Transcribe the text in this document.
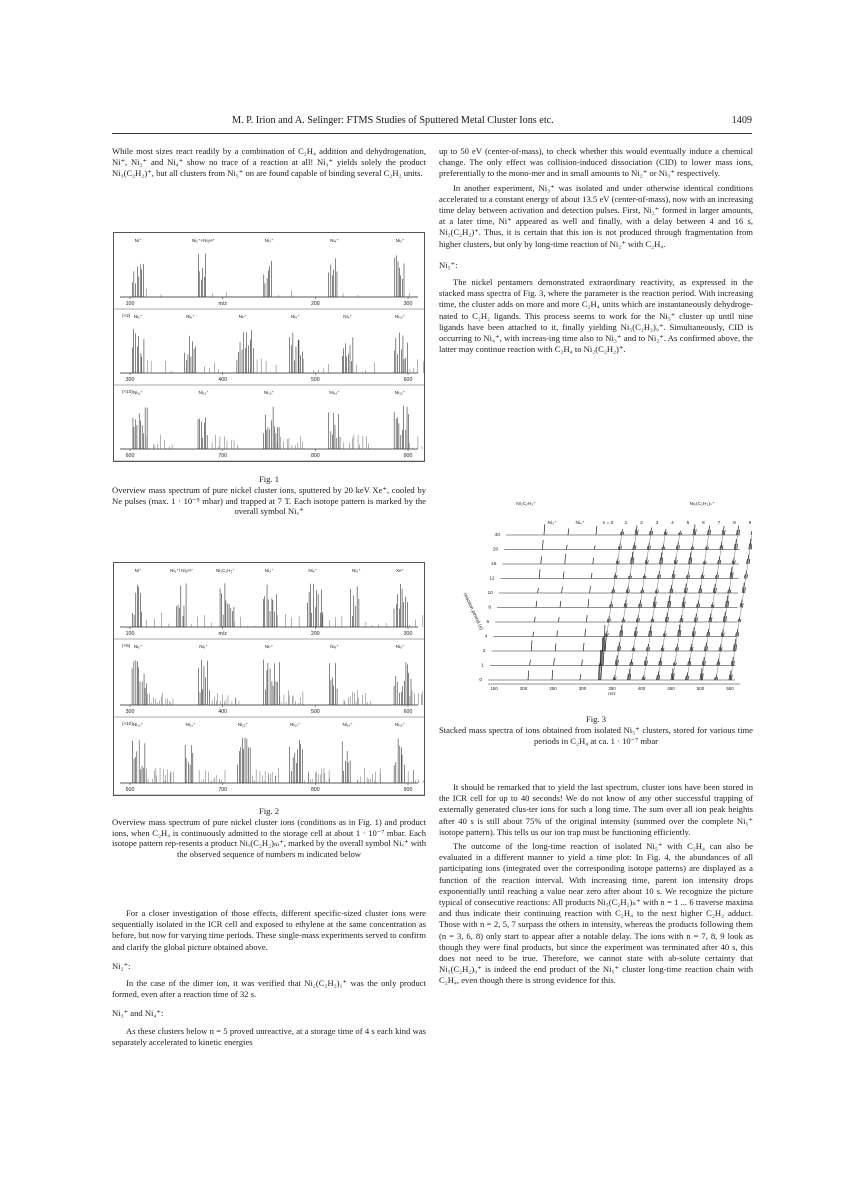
M. P. Irion and A. Selinger: FTMS Studies of Sputtered Metal Cluster Ions etc.	1409

While most sizes react readily by a combination of C₂H₄ addition and dehydrogenation, Ni⁺, Ni₂⁺ and Ni₄⁺ show no trace of a reaction at all! Ni₃⁺ yields solely the product Ni₃(C₂H₂)⁺, but all clusters from Ni₅⁺ on are found capable of binding several C₂H₂ units.

100	m/z	200	300
Ni⁺	Ni₂⁺+Ni₂H⁺	Ni₃⁺	Ni₄⁺	Ni₅⁺
300	400	500	600
(×2) Ni₅⁺	Ni₆⁺	Ni₇⁺	Ni₈⁺	Ni₉⁺	Ni₁₀⁺
600	700	800	900
(×10) Ni₁₁⁺	Ni₁₂⁺	Ni₁₃⁺	Ni₁₄⁺	Ni₁₅⁺
Fig. 1
Overview mass spectrum of pure nickel cluster ions, sputtered by 20 keV Xe⁺, cooled by Ne pulses (max. 1 · 10⁻⁵ mbar) and trapped at 7 T. Each isotope pattern is marked by the overall symbol Niₓ⁺
100	m/z	200	300
Ni⁺	Ni₂⁺/ Ni₂H⁺	Ni₂C₂H₂⁺	Ni₃⁺	Ni₄⁺	Ni₅⁺	Xe⁺
300	400	500	600
(×5) Ni₅⁺	Ni₆⁺	Ni₇⁺	Ni₈⁺	Ni₉⁺
600	700	800	900
(×10) Ni₁₀⁺	Ni₁₁⁺	Ni₁₂⁺	Ni₁₃⁺	Ni₁₄⁺	Ni₁₅⁺
Fig. 2
Overview mass spectrum of pure nickel cluster ions (conditions as in Fig. 1) and product ions, when C₂H₄ is continuously admitted to the storage cell at about 1 · 10⁻⁷ mbar. Each isotope pattern rep-resents a product Niₓ(C₂H₂)ₘ⁺, marked by the overall symbol Niₓ⁺ with the observed sequence of numbers m indicated below

For a closer investigation of those effects, different specific-sized cluster ions were sequentially isolated in the ICR cell and exposed to ethylene at the same concentration as before, but now for varying time periods. These single-mass experiments served to confirm and clarify the global picture obtained above.

Ni₂⁺:

In the case of the dimer ion, it was verified that Ni₂(C₂H₂)₁⁺ was the only product formed, even after a reaction time of 32 s.

Ni₃⁺ and Ni₄⁺:

As these clusters below n = 5 proved unreactive, at a storage time of 4 s each kind was separately accelerated to kinetic energies

up to 50 eV (center-of-mass), to check whether this would eventually induce a chemical change. The only effect was collision-induced dissociation (CID) to lower mass ions, preferentially to the mono-mer and in small amounts to Ni₂⁺ or Ni₃⁺ respectively.

In another experiment, Ni₃⁺ was isolated and under otherwise identical conditions accelerated to a constant energy of about 13.5 eV (center-of-mass), now with an increasing time delay between activation and detection pulses. First, Ni₂⁺ formed in larger amounts, at a later time, Ni⁺ appeared as well and finally, with a delay between 4 and 16 s, Ni₂(C₂H₂)⁺. Thus, it is certain that this ion is not produced through fragmentation from higher clusters, but only by long-time reaction of Ni₂⁺ with C₂H₄.

Ni₅⁺:

The nickel pentamers demonstrated extraordinary reactivity, as expressed in the stacked mass spectra of Fig. 3, where the parameter is the reaction period. With increasing time, the cluster adds on more and more C₂H₄ units which are instantaneously dehydroge-nated to C₂H₂ ligands. This process seems to work for the Ni₅⁺ cluster up until nine ligands have been attached to it, finally yielding Ni₅(C₂H₂)₉⁺. Simultaneously, CID is occurring to Ni₄⁺, with increas-ing time also to Ni₃⁺ and to Ni₂⁺. As confirmed above, the latter may continue reaction with C₂H₄ to Ni₂(C₂H₂)⁺.

Ni₂C₂H₂⁺	Ni₅(C₂H₂)ₙ⁺
Ni₃⁺	Ni₄⁺	n = 0 1	2	3	4	5	6	7	8	9
reaction period (s)
40
20
16
12
10
8
6
4
2
1
0
150	200	250	300	350	400	450	500	550
m/z
Fig. 3
Stacked mass spectra of ions obtained from isolated Ni₅⁺ clusters, stored for various time periods in C₂H₄ at ca. 1 · 10⁻⁷ mbar

It should be remarked that to yield the last spectrum, cluster ions have been stored in the ICR cell for up to 40 seconds! We do not know of any other successful trapping of externally generated clus-ter ions for such a long time. The sum over all ion peak heights after 40 s is still about 75% of the original intensity (summed over the complete Ni₅⁺ isotope pattern). This tells us our ion trap must be functioning efficiently.

The outcome of the long-time reaction of isolated Ni₅⁺ with C₂H₄ can also be evaluated in a different manner to yield a time plot: In Fig. 4, the abundances of all participating ions (integrated over the corresponding isotope patterns) are displayed as a function of the reaction interval. With increasing time, parent ion intensity drops exponentially until reaching a value near zero after about 10 s. We recognize the picture typical of consecutive reactions: All products Ni₅(C₂H₂)ₙ⁺ with n = 1 ... 6 traverse maxima and thus indicate their continuing reaction with C₂H₄ to the next higher C₂H₂ adduct. Those with n = 2, 5, 7 surpass the others in intensity, whereas the products following them (n = 3, 6, 8) only start to appear after a notable delay. The ions with n = 7, 8, 9 look as though they were final products, but since the experiment was terminated after 40 s, this does not need to be true. Therefore, we cannot state with ab-solute certainty that Ni₅(C₂H₂)₉⁺ is indeed the end product of the Ni₅⁺ cluster long-time reaction chain with C₂H₄, even though there is strong evidence for this.
